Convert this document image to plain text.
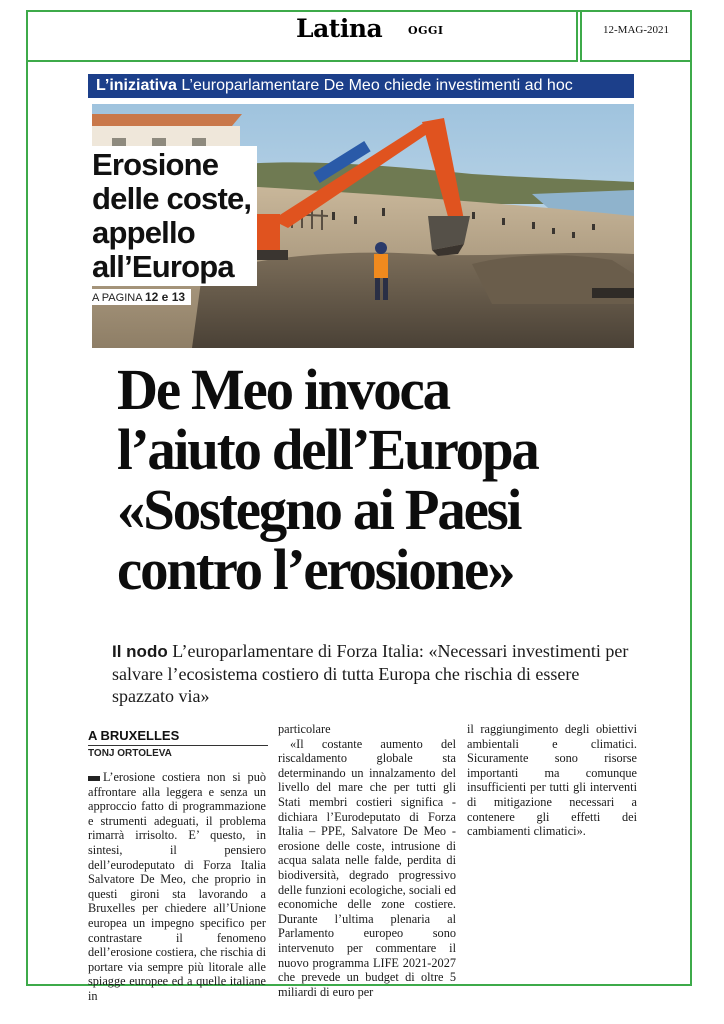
Latina OGGI	12-MAG-2021
L’iniziativa L’europarlamentare De Meo chiede investimenti ad hoc
Erosione
delle coste,
appello
all’Europa
A PAGINA 12 e 13
De Meo invoca
l’aiuto dell’Europa
«Sostegno ai Paesi
contro l’erosione»
Il nodo L’europarlamentare di Forza Italia: «Necessari investimenti per salvare l’ecosistema costiero di tutta Europa che rischia di essere spazzato via»
A BRUXELLES
TONJ ORTOLEVA
L’erosione costiera non si può affrontare alla leggera e senza un approccio fatto di programmazione e strumenti adeguati, il problema rimarrà irrisolto. E’ questo, in sintesi, il pensiero dell’eurodeputato di Forza Italia Salvatore De Meo, che proprio in questi gironi sta lavorando a Bruxelles per chiedere all’Unione europea un impegno specifico per contrastare il fenomeno dell’erosione costiera, che rischia di portare via sempre più litorale alle spiagge europee ed a quelle italiane in
particolare
«Il costante aumento del riscaldamento globale sta determinando un innalzamento del livello del mare che per tutti gli Stati membri costieri significa - dichiara l’Eurodeputato di Forza Italia – PPE, Salvatore De Meo - erosione delle coste, intrusione di acqua salata nelle falde, perdita di biodiversità, degrado progressivo delle funzioni ecologiche, sociali ed economiche delle zone costiere. Durante l’ultima plenaria al Parlamento europeo sono intervenuto per commentare il nuovo programma LIFE 2021-2027 che prevede un budget di oltre 5 miliardi di euro per
il raggiungimento degli obiettivi ambientali e climatici. Sicuramente sono risorse importanti ma comunque insufficienti per tutti gli interventi di mitigazione necessari a contenere gli effetti dei cambiamenti climatici».
